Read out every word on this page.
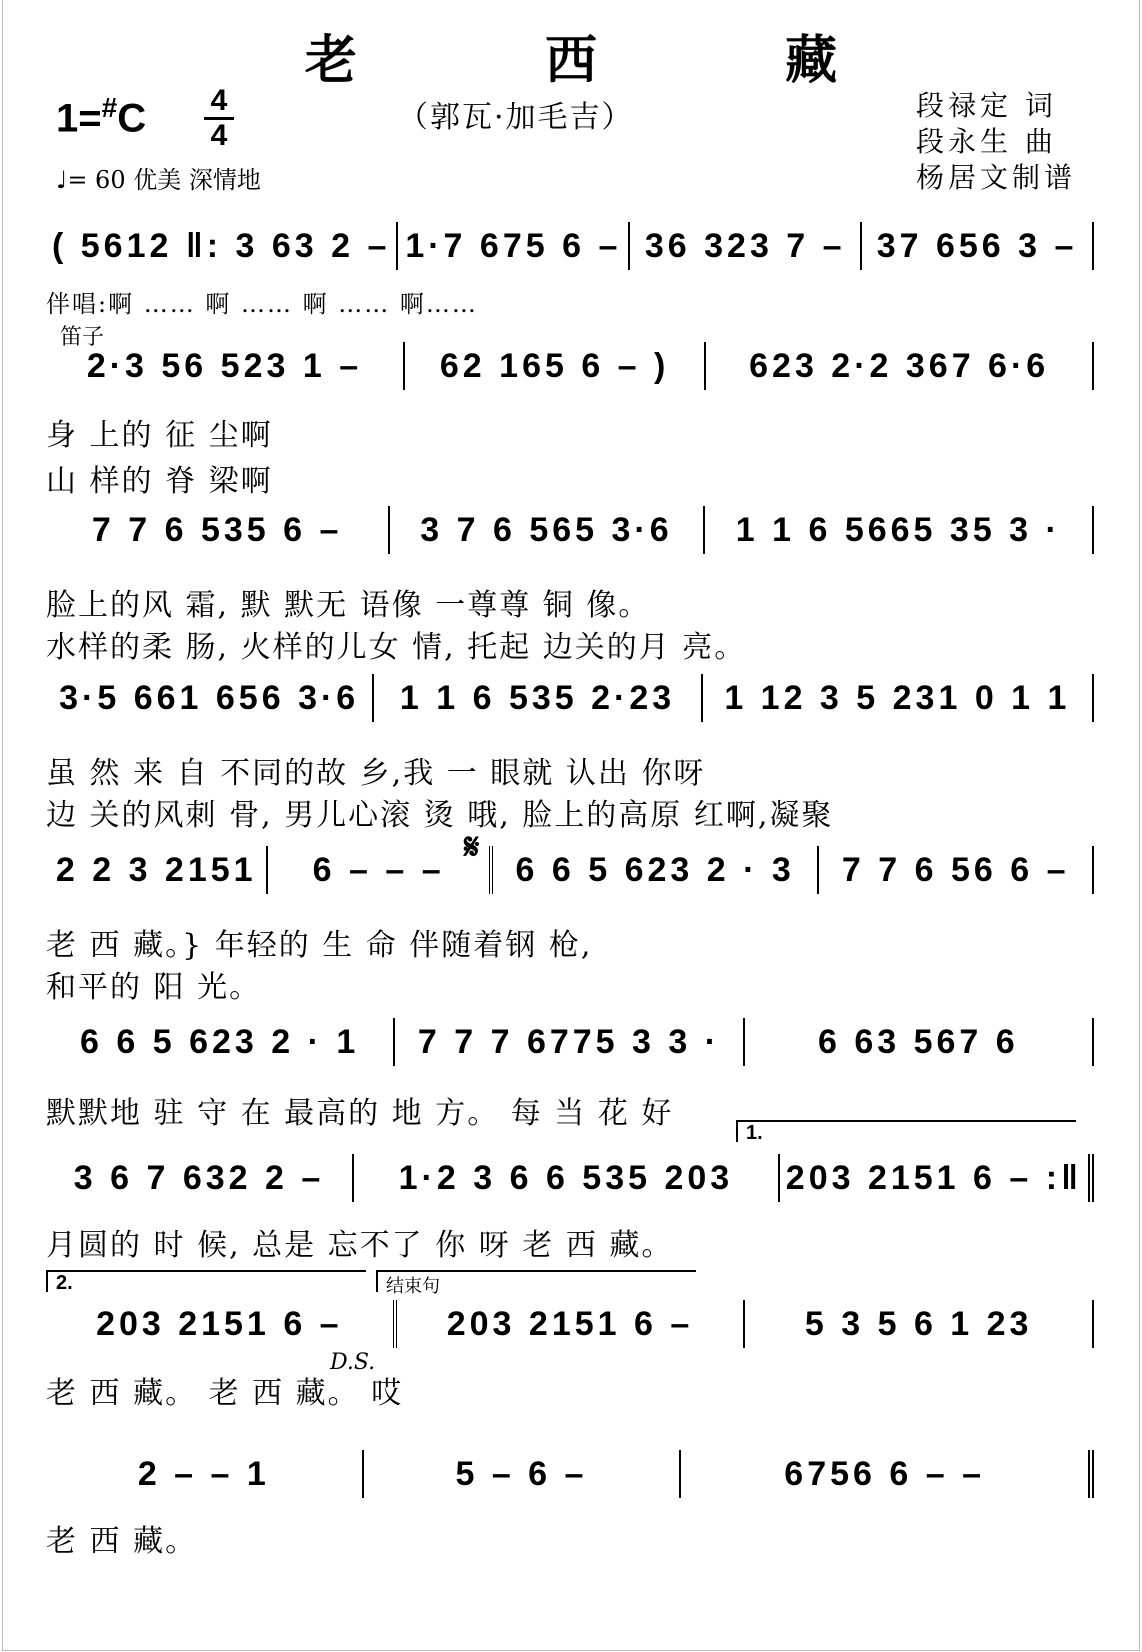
老 西 藏
1=#C 4
4
♩= 60 优美 深情地
（郭瓦·加毛吉）	段禄定 词
段永生 曲
杨居文制谱
( 5612 ‖: 3 63 2 – 1·7 675 6 – 36 323 7 – 37 656 3 –
伴唱:啊 …… 啊 …… 啊 …… 啊……
笛子
2·3 56 523 1 –	62 165 6 – )	623 2·2 367 6·6
身 上的 征 尘啊
山 样的 脊 梁啊
7 7 6 535 6 –	3 7 6 565 3·6	1 1 6 5665 35 3 ·
脸上的风 霜, 默 默无 语像 一尊尊 铜 像。
水样的柔 肠, 火样的儿女 情, 托起 边关的月 亮。
3·5 661 656 3·6	1 1 6 535 2·23	1 12 3 5 231 0 1 1
虽 然 来 自 不同的故 乡,我 一 眼就 认出 你呀
边 关的风刺 骨, 男儿心滚 烫 哦, 脸上的高原 红啊,凝聚
𝄋
2 2 3 2151	6 – – –	6 6 5 623 2 · 3	7 7 6 56 6 –
老 西 藏。} 年轻的 生 命 伴随着钢 枪,
和平的 阳 光。
6 6 5 623 2 · 1	7 7 7 6775 3 3 ·	6 63 567 6
默默地 驻 守 在 最高的 地 方。 每 当 花 好
1.
3 6 7 632 2 –	1·2 3 6 6 535 203	203 2151 6 – :‖
月圆的 时 候, 总是 忘不了 你 呀 老 西 藏。
2.	结束句
203 2151 6 –	203 2151 6 –	5 3 5 6 1 23
D.S.
老 西 藏。 老 西 藏。 哎
2 – – 1	5 – 6 –	6756 6 – –
老 西 藏。
